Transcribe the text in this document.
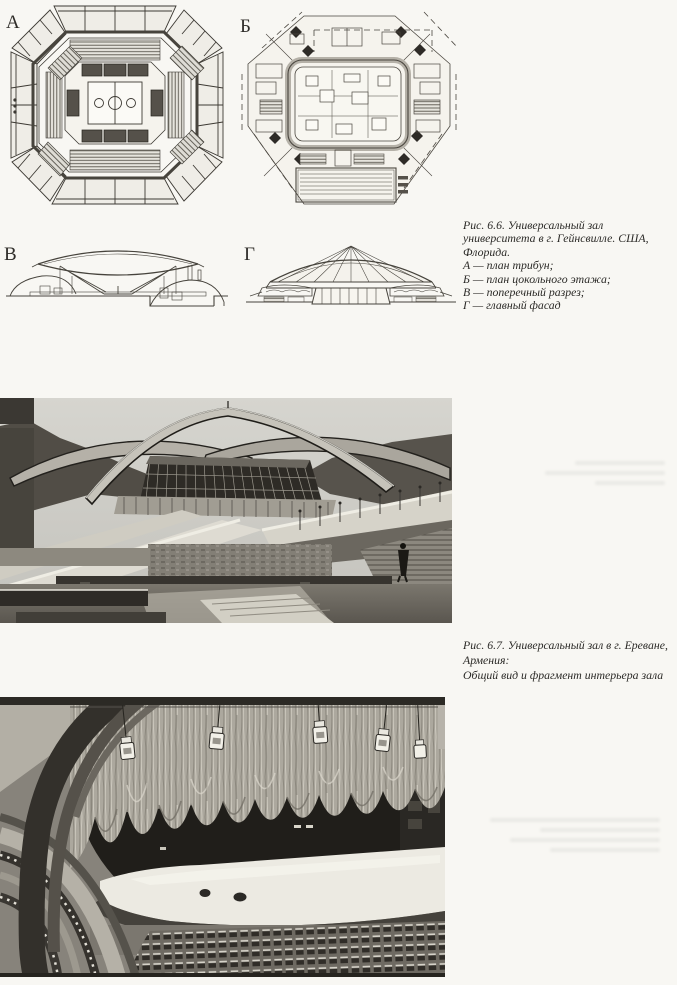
А	Б
В	Г
Рис. 6.6. Универсальный зал
университета в г. Гейнсвилле. США,
Флорида.
А — план трибун;
Б — план цокольного этажа;
В — поперечный разрез;
Г — главный фасад
Рис. 6.7. Универсальный зал в г. Ереване,
Армения:
Общий вид и фрагмент интерьера зала
